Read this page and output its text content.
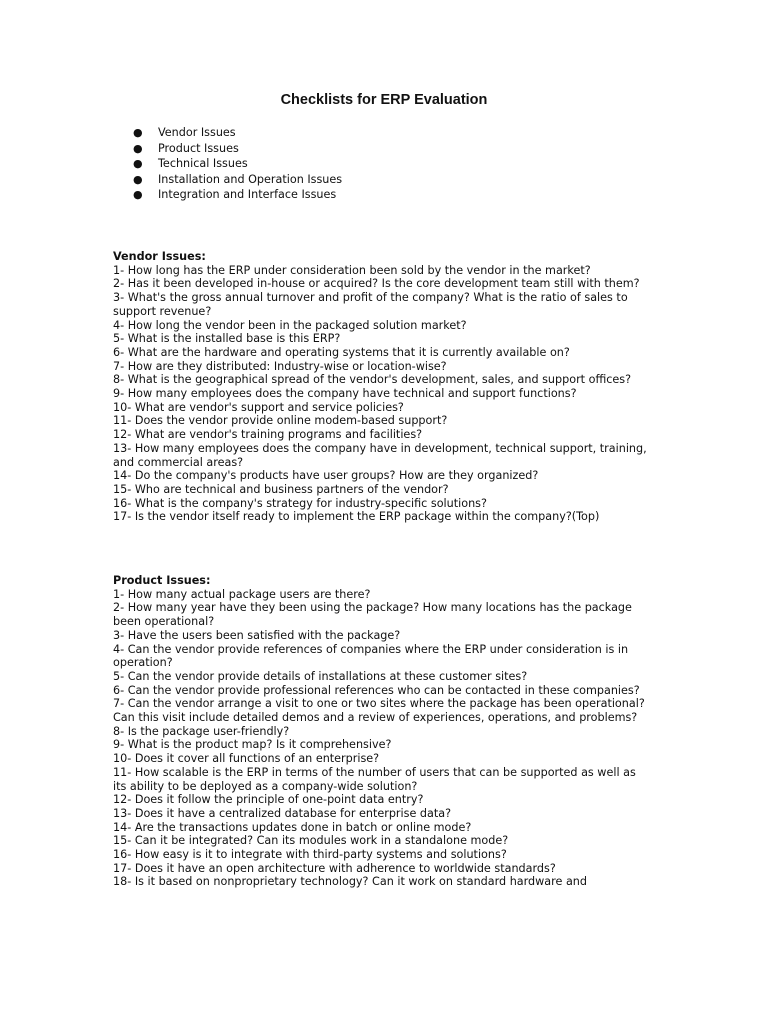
Checklists for ERP Evaluation
● Vendor Issues
● Product Issues
● Technical Issues
● Installation and Operation Issues
● Integration and Interface Issues

Vendor Issues:

1- How long has the ERP under consideration been sold by the vendor in the market?

2- Has it been developed in-house or acquired? Is the core development team still with them?

3- What's the gross annual turnover and profit of the company? What is the ratio of sales to
support revenue?

4- How long the vendor been in the packaged solution market?

5- What is the installed base is this ERP?

6- What are the hardware and operating systems that it is currently available on?

7- How are they distributed: Industry-wise or location-wise?

8- What is the geographical spread of the vendor's development, sales, and support offices?

9- How many employees does the company have technical and support functions?

10- What are vendor's support and service policies?

11- Does the vendor provide online modem-based support?

12- What are vendor's training programs and facilities?

13- How many employees does the company have in development, technical support, training,
and commercial areas?

14- Do the company's products have user groups? How are they organized?

15- Who are technical and business partners of the vendor?

16- What is the company's strategy for industry-specific solutions?

17- Is the vendor itself ready to implement the ERP package within the company?(Top)

Product Issues:

1- How many actual package users are there?

2- How many year have they been using the package? How many locations has the package
been operational?

3- Have the users been satisfied with the package?

4- Can the vendor provide references of companies where the ERP under consideration is in
operation?

5- Can the vendor provide details of installations at these customer sites?

6- Can the vendor provide professional references who can be contacted in these companies?

7- Can the vendor arrange a visit to one or two sites where the package has been operational?
Can this visit include detailed demos and a review of experiences, operations, and problems?

8- Is the package user-friendly?

9- What is the product map? Is it comprehensive?

10- Does it cover all functions of an enterprise?

11- How scalable is the ERP in terms of the number of users that can be supported as well as
its ability to be deployed as a company-wide solution?

12- Does it follow the principle of one-point data entry?

13- Does it have a centralized database for enterprise data?

14- Are the transactions updates done in batch or online mode?

15- Can it be integrated? Can its modules work in a standalone mode?

16- How easy is it to integrate with third-party systems and solutions?

17- Does it have an open architecture with adherence to worldwide standards?

18- Is it based on nonproprietary technology? Can it work on standard hardware and
